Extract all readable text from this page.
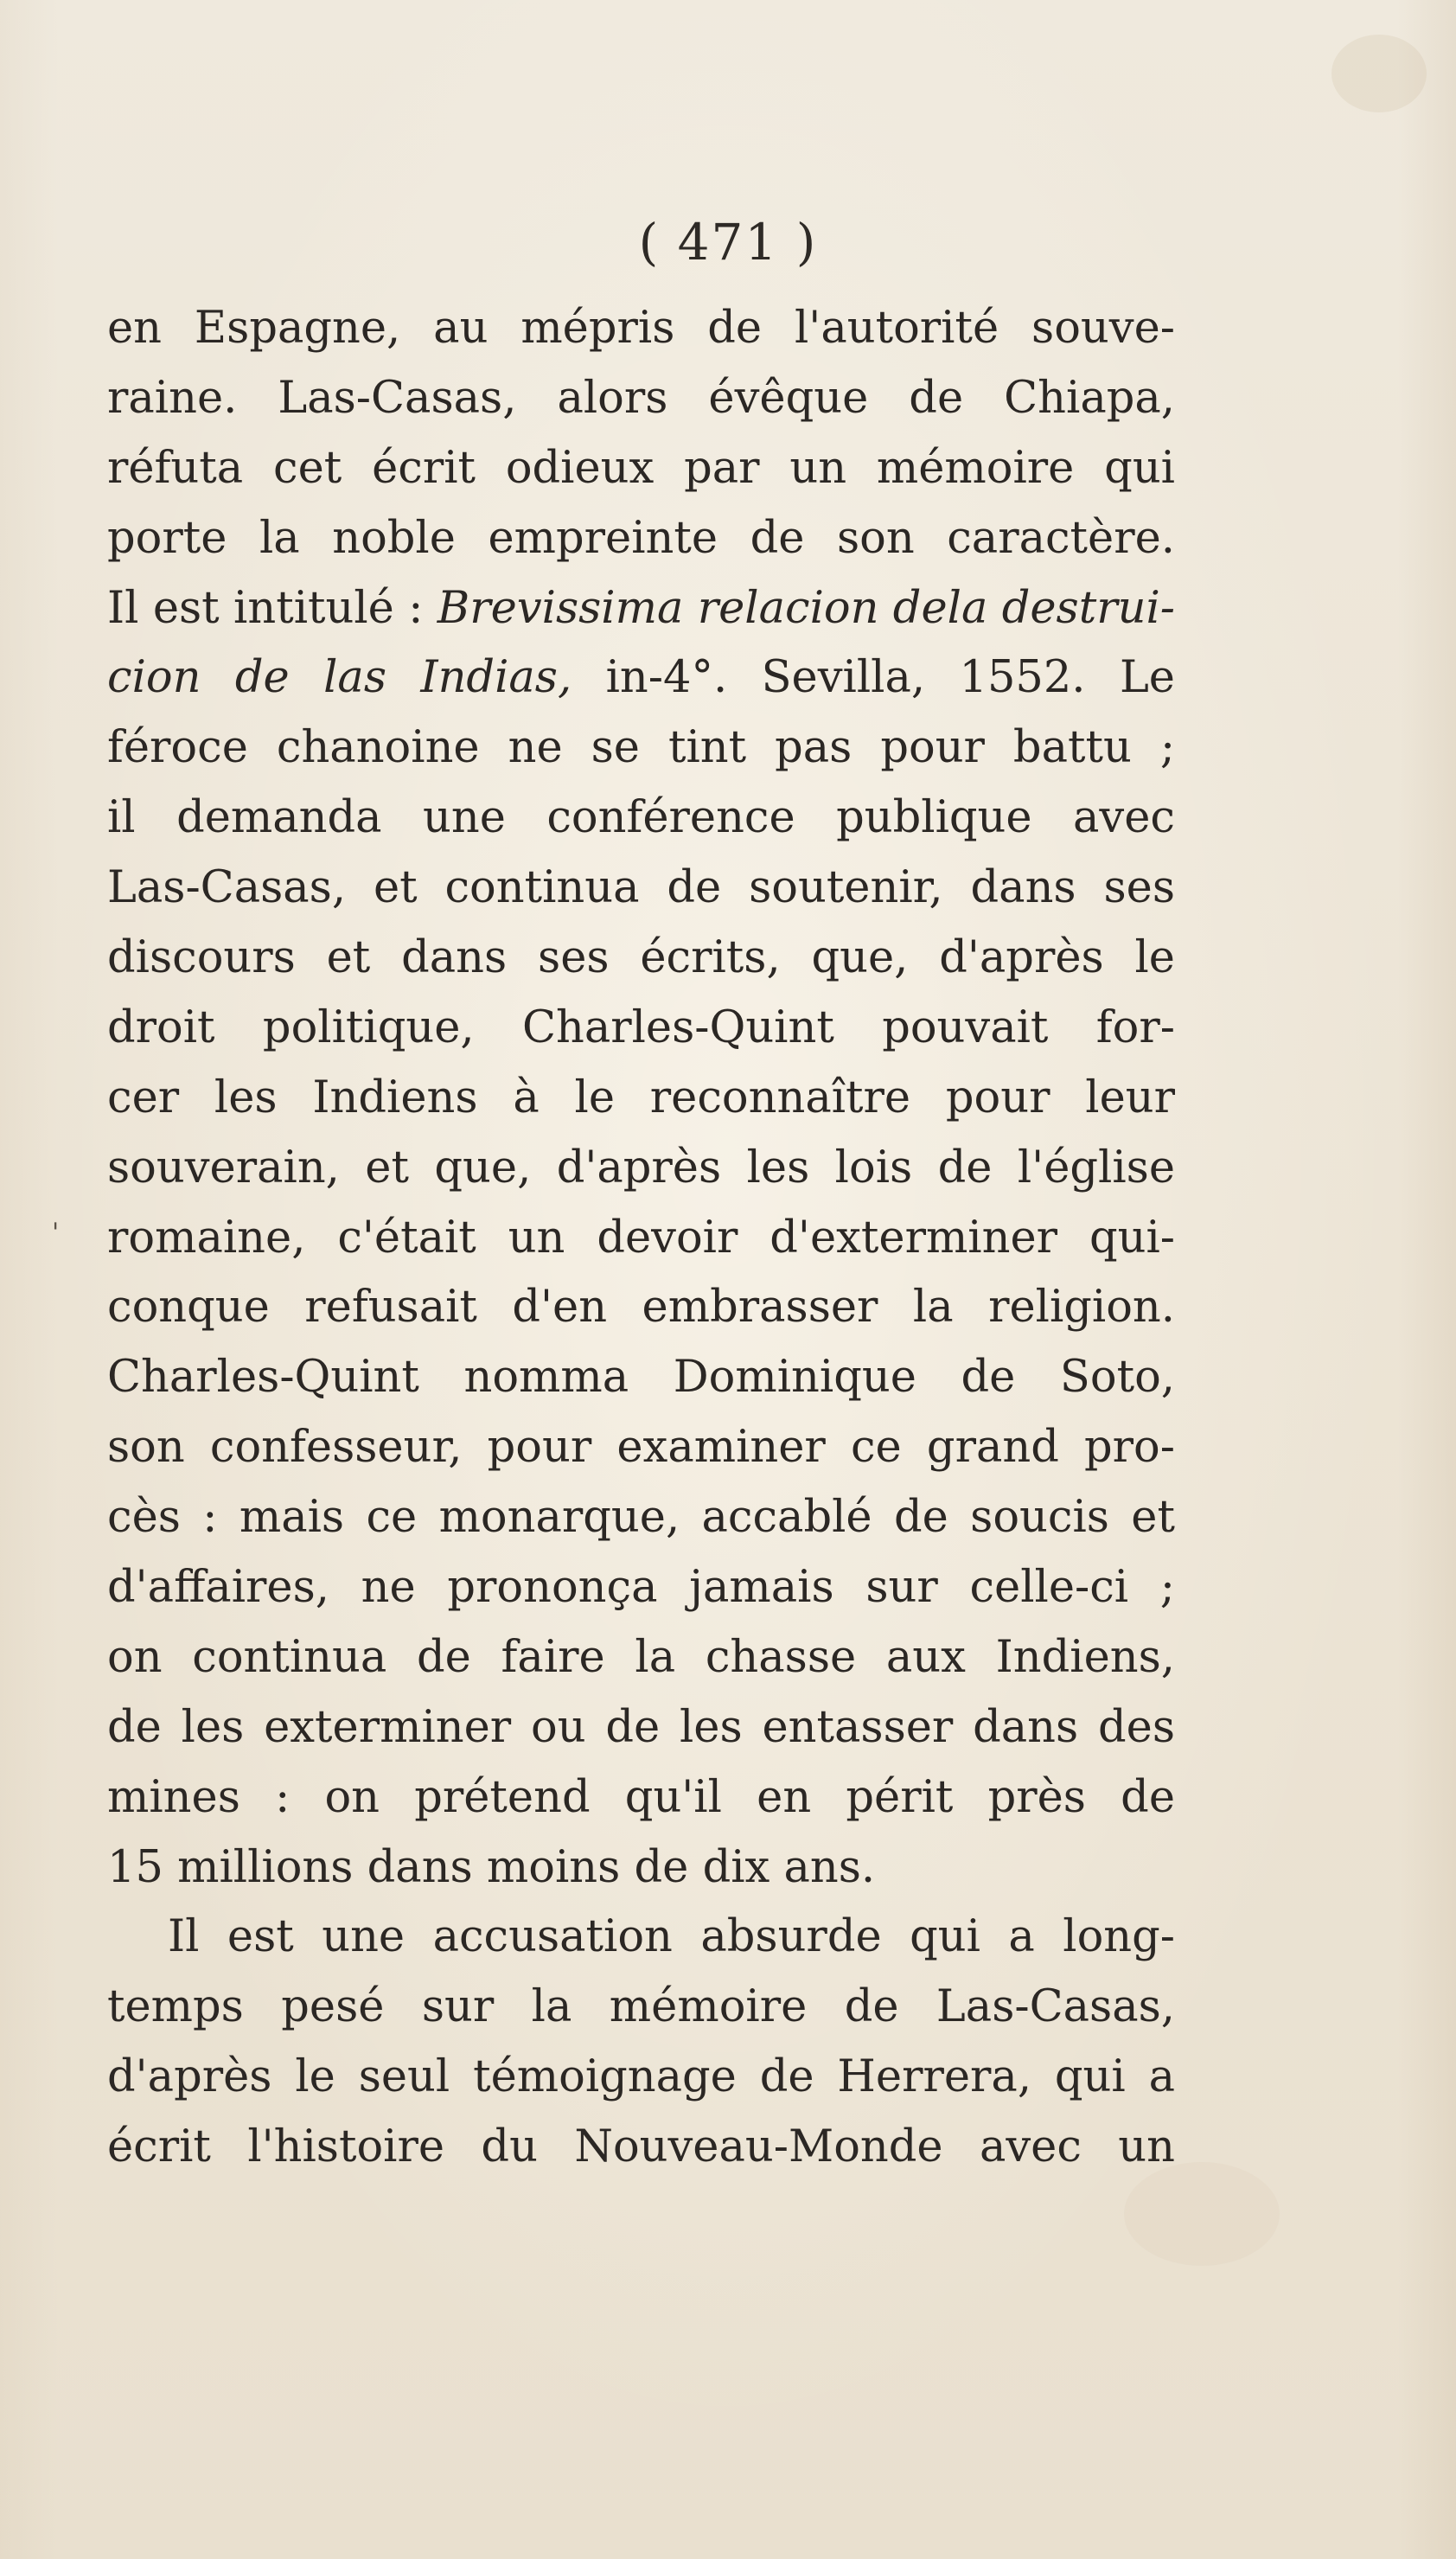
( 471 )
'
en Espagne, au mépris de l'autorité souve-
raine. Las-Casas, alors évêque de Chiapa,
réfuta cet écrit odieux par un mémoire qui
porte la noble empreinte de son caractère.
Il est intitulé : Brevissima relacion dela destrui-
cion de las Indias, in-4°. Sevilla, 1552. Le
féroce chanoine ne se tint pas pour battu ;
il demanda une conférence publique avec
Las-Casas, et continua de soutenir, dans ses
discours et dans ses écrits, que, d'après le
droit politique, Charles-Quint pouvait for-
cer les Indiens à le reconnaître pour leur
souverain, et que, d'après les lois de l'église
romaine, c'était un devoir d'exterminer qui-
conque refusait d'en embrasser la religion.
Charles-Quint nomma Dominique de Soto,
son confesseur, pour examiner ce grand pro-
cès : mais ce monarque, accablé de soucis et
d'affaires, ne prononça jamais sur celle-ci ;
on continua de faire la chasse aux Indiens,
de les exterminer ou de les entasser dans des
mines : on prétend qu'il en périt près de
15 millions dans moins de dix ans.
Il est une accusation absurde qui a long-
temps pesé sur la mémoire de Las-Casas,
d'après le seul témoignage de Herrera, qui a
écrit l'histoire du Nouveau-Monde avec un
